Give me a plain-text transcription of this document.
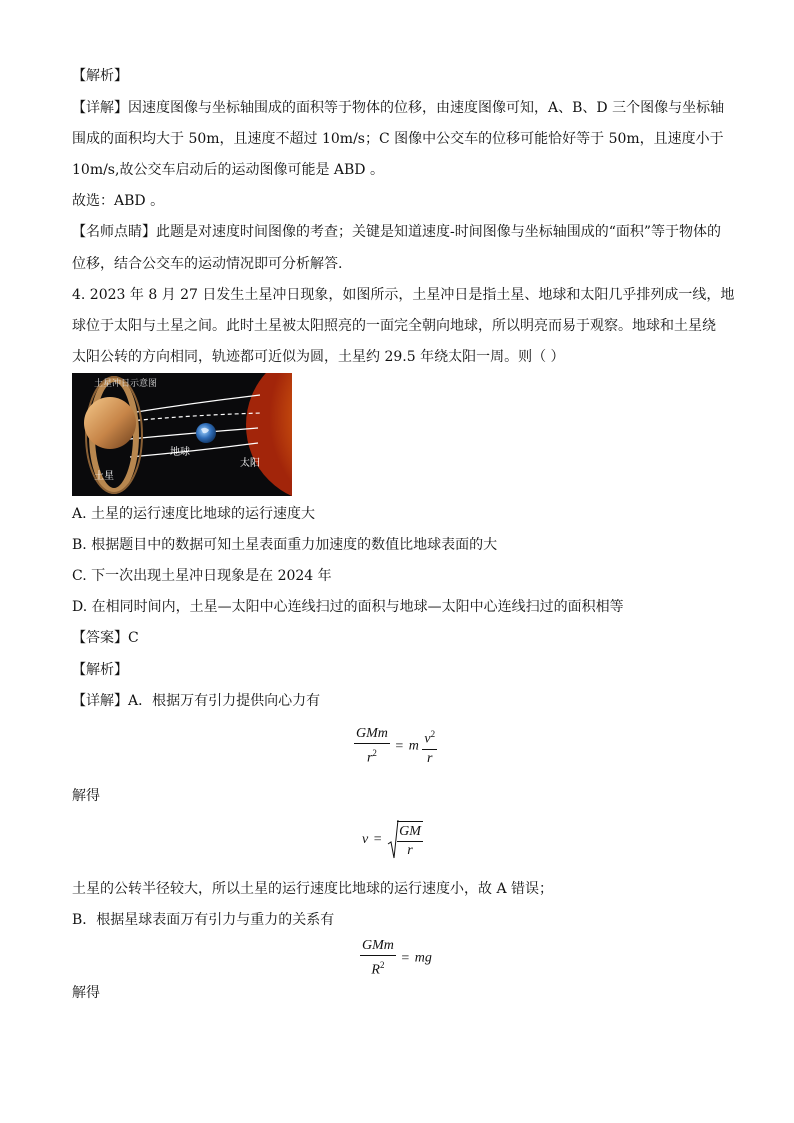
【解析】
【详解】因速度图像与坐标轴围成的面积等于物体的位移，由速度图像可知，A、B、D 三个图像与坐标轴
围成的面积均大于 50m，且速度不超过 10m/s；C 图像中公交车的位移可能恰好等于 50m，且速度小于
10m/s,故公交车启动后的运动图像可能是 ABD 。
故选：ABD 。
【名师点睛】此题是对速度时间图像的考查；关键是知道速度-时间图像与坐标轴围成的“面积”等于物体的
位移，结合公交车的运动情况即可分析解答.
4. 2023 年 8 月 27 日发生土星冲日现象，如图所示，土星冲日是指土星、地球和太阳几乎排列成一线，地
球位于太阳与土星之间。此时土星被太阳照亮的一面完全朝向地球，所以明亮而易于观察。地球和土星绕
太阳公转的方向相同，轨迹都可近似为圆，土星约 29.5 年绕太阳一周。则（ ）
土星冲日示意图
土星
地球
太阳
A. 土星的运行速度比地球的运行速度大
B. 根据题目中的数据可知土星表面重力加速度的数值比地球表面的大
C. 下一次出现土星冲日现象是在 2024 年
D. 在相同时间内，土星—太阳中心连线扫过的面积与地球—太阳中心连线扫过的面积相等
【答案】C
【解析】
【详解】A．根据万有引力提供向心力有
$\frac{\text{GMm}}{r^2} = m \frac{v^2}{r}$
解得
$v = \frac{GM}{r}$
土星的公转半径较大，所以土星的运行速度比地球的运行速度小，故 A 错误；
B．根据星球表面万有引力与重力的关系有
$\frac{\text{GMm}}{R^2}$ = mg
解得
